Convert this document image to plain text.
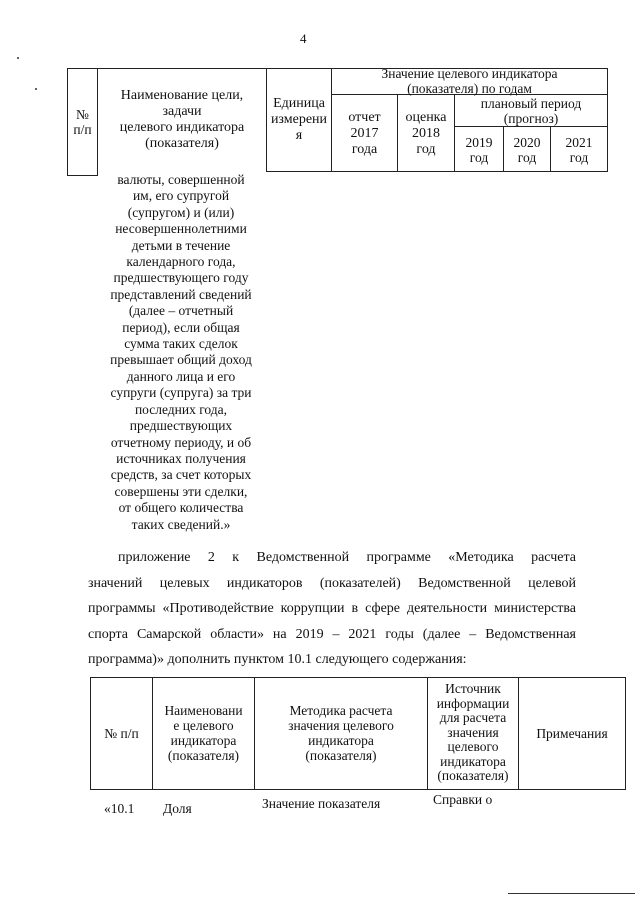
4
№
п/п
Наименование цели,
задачи
целевого индикатора
(показателя)
Единица
измерени
я
Значение целевого индикатора
(показателя) по годам
отчет
2017
года
оценка
2018
год
плановый период
(прогноз)
2019
год
2020
год
2021
год
валюты, совершенной
им, его супругой
(супругом) и (или)
несовершеннолетними
детьми в течение
календарного года,
предшествующего году
представлений сведений
(далее – отчетный
период), если общая
сумма таких сделок
превышает общий доход
данного лица и его
супруги (супруга) за три
последних года,
предшествующих
отчетному периоду, и об
источниках получения
средств, за счет которых
совершены эти сделки,
от общего количества
таких сведений.»
приложение 2 к Ведомственной программе «Методика расчета
значений целевых индикаторов (показателей) Ведомственной целевой
программы «Противодействие коррупции в сфере деятельности министерства
спорта Самарской области» на 2019 – 2021 годы (далее – Ведомственная
программа)» дополнить пунктом 10.1 следующего содержания:
№ п/п
Наименовани
е целевого
индикатора
(показателя)
Методика расчета
значения целевого
индикатора
(показателя)
Источник
информации
для расчета
значения
целевого
индикатора
(показателя)
Примечания
«10.1 Доля	Значение показателя	Справки о
